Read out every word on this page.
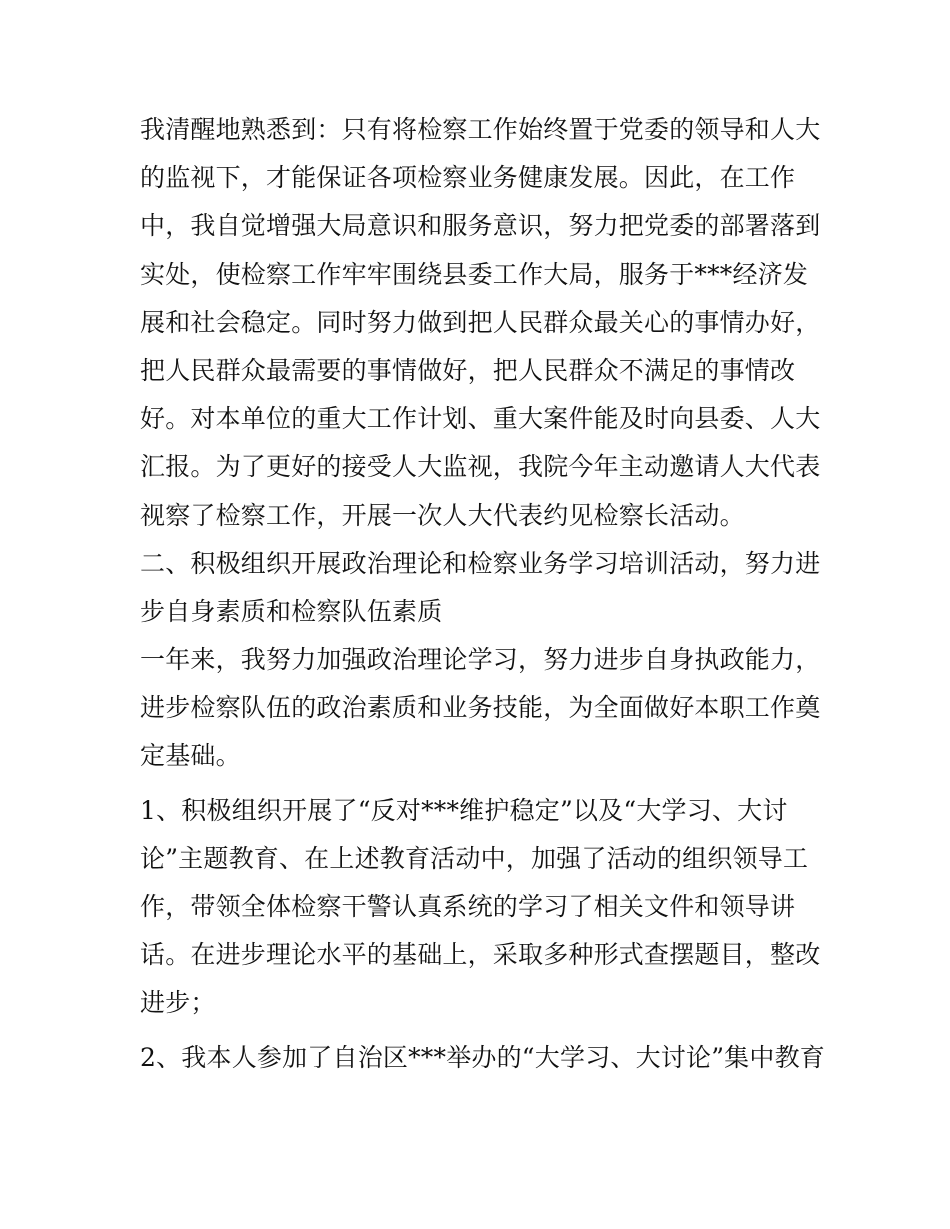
我清醒地熟悉到：只有将检察工作始终置于党委的领导和人大
的监视下，才能保证各项检察业务健康发展。因此，在工作
中，我自觉增强大局意识和服务意识，努力把党委的部署落到
实处，使检察工作牢牢围绕县委工作大局，服务于***经济发
展和社会稳定。同时努力做到把人民群众最关心的事情办好，
把人民群众最需要的事情做好，把人民群众不满足的事情改
好。对本单位的重大工作计划、重大案件能及时向县委、人大
汇报。为了更好的接受人大监视，我院今年主动邀请人大代表
视察了检察工作，开展一次人大代表约见检察长活动。
二、积极组织开展政治理论和检察业务学习培训活动，努力进
步自身素质和检察队伍素质
一年来，我努力加强政治理论学习，努力进步自身执政能力，
进步检察队伍的政治素质和业务技能，为全面做好本职工作奠
定基础。
1、积极组织开展了“反对***维护稳定”以及“大学习、大讨
论”主题教育、在上述教育活动中，加强了活动的组织领导工
作，带领全体检察干警认真系统的学习了相关文件和领导讲
话。在进步理论水平的基础上，采取多种形式查摆题目，整改
进步；
2、我本人参加了自治区***举办的“大学习、大讨论”集中教育
